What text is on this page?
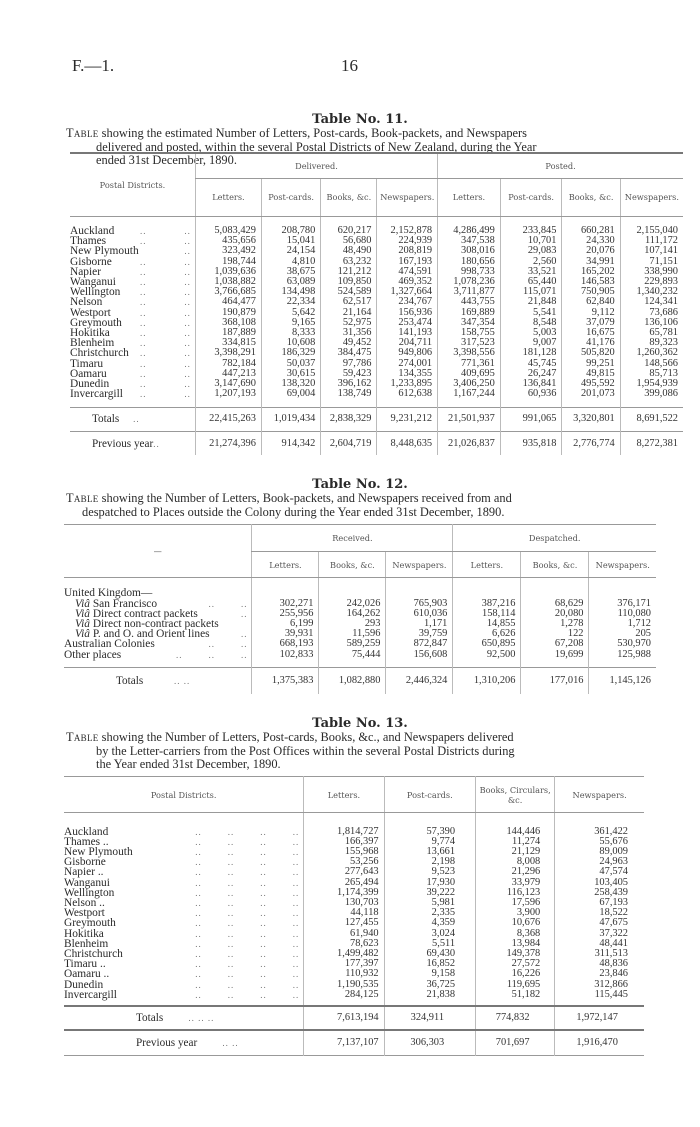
F.—1.	16
Table No. 11.
Table showing the estimated Number of Letters, Post-cards, Book-packets, and Newspapers
delivered and posted, within the several Postal Districts of New Zealand, during the Year
ended 31st December, 1890.
Postal Districts.	Delivered.				Posted.			
	Letters.	Post-cards.	Books, &c.	Newspapers.	Letters.	Post-cards.	Books, &c.	Newspapers.

Auckland .. ..	5,083,429	208,780	620,217	2,152,878	4,286,499	233,845	660,281	2,155,040
Thames .. ..	435,656	15,041	56,680	224,939	347,538	10,701	24,330	111,172
New Plymouth ..	323,492	24,154	48,490	208,819	308,016	29,083	20,076	107,141
Gisborne .. ..	198,744	4,810	63,232	167,193	180,656	2,560	34,991	71,151
Napier .. ..	1,039,636	38,675	121,212	474,591	998,733	33,521	165,202	338,990
Wanganui .. ..	1,038,882	63,089	109,850	469,352	1,078,236	65,440	146,583	229,893
Wellington .. ..	3,766,685	134,498	524,589	1,327,664	3,711,877	115,071	750,905	1,340,232
Nelson .. ..	464,477	22,334	62,517	234,767	443,755	21,848	62,840	124,341
Westport .. ..	190,879	5,642	21,164	156,936	169,889	5,541	9,112	73,686
Greymouth .. ..	368,108	9,165	52,975	253,474	347,354	8,548	37,079	136,106
Hokitika .. ..	187,889	8,333	31,356	141,193	158,755	5,003	16,675	65,781
Blenheim .. ..	334,815	10,608	49,452	204,711	317,523	9,007	41,176	89,323
Christchurch .. ..	3,398,291	186,329	384,475	949,806	3,398,556	181,128	505,820	1,260,362
Timaru .. ..	782,184	50,037	97,786	274,001	771,361	45,745	99,251	148,566
Oamaru .. ..	447,213	30,615	59,423	134,355	409,695	26,247	49,815	85,713
Dunedin .. ..	3,147,690	138,320	396,162	1,233,895	3,406,250	136,841	495,592	1,954,939
Invercargill .. ..	1,207,193	69,004	138,749	612,638	1,167,244	60,936	201,073	399,086

Totals ..	22,415,263	1,019,434	2,838,329	9,231,212	21,501,937	991,065	3,320,801	8,691,522
Previous year..	21,274,396	914,342	2,604,719	8,448,635	21,026,837	935,818	2,776,774	8,272,381
Table No. 12.
Table showing the Number of Letters, Book-packets, and Newspapers received from and
despatched to Places outside the Colony during the Year ended 31st December, 1890.
—	Received.			Despatched.		
	Letters.	Books, &c.	Newspapers.	Letters.	Books, &c.	Newspapers.

United Kingdom—						
Viâ San Francisco ..        ..	302,271	242,026	765,903	387,216	68,629	376,171
Viâ Direct contract packets ..	255,956	164,262	610,036	158,114	20,080	110,080
Viâ Direct non-contract packets	6,199	293	1,171	14,855	1,278	1,712
Viâ P. and O. and Orient lines ..	39,931	11,596	39,759	6,626	122	205
Australian Colonies ..        ..	668,193	589,259	872,847	650,895	67,208	530,970
Other places ..        ..        ..	102,833	75,444	156,608	92,500	19,699	125,988

Totals .. ..	1,375,383	1,082,880	2,446,324	1,310,206	177,016	1,145,126
Table No. 13.
Table showing the Number of Letters, Post-cards, Books, &c., and Newspapers delivered
by the Letter-carriers from the Post Offices within the several Postal Districts during
the Year ended 31st December, 1890.
Postal Districts.	Letters.	Post-cards.	Books, Circulars, &c.	Newspapers.

Auckland ..        ..        ..        ..	1,814,727	57,390	144,446	361,422
Thames .. ..        ..        ..        ..	166,397	9,774	11,274	55,676
New Plymouth ..        ..        ..        ..	155,968	13,661	21,129	89,009
Gisborne ..        ..        ..        ..	53,256	2,198	8,008	24,963
Napier .. ..        ..        ..        ..	277,643	9,523	21,296	47,574
Wanganui ..        ..        ..        ..	265,494	17,930	33,979	103,405
Wellington ..        ..        ..        ..	1,174,399	39,222	116,123	258,439
Nelson .. ..        ..        ..        ..	130,703	5,981	17,596	67,193
Westport ..        ..        ..        ..	44,118	2,335	3,900	18,522
Greymouth ..        ..        ..        ..	127,455	4,359	10,676	47,675
Hokitika ..        ..        ..        ..	61,940	3,024	8,368	37,322
Blenheim ..        ..        ..        ..	78,623	5,511	13,984	48,441
Christchurch ..        ..        ..        ..	1,499,482	69,430	149,378	311,513
Timaru .. ..        ..        ..        ..	177,397	16,852	27,572	48,836
Oamaru .. ..        ..        ..        ..	110,932	9,158	16,226	23,846
Dunedin ..        ..        ..        ..	1,190,535	36,725	119,695	312,866
Invercargill ..        ..        ..        ..	284,125	21,838	51,182	115,445

Totals .. .. ..	7,613,194	324,911	774,832	1,972,147
Previous year .. ..	7,137,107	306,303	701,697	1,916,470
